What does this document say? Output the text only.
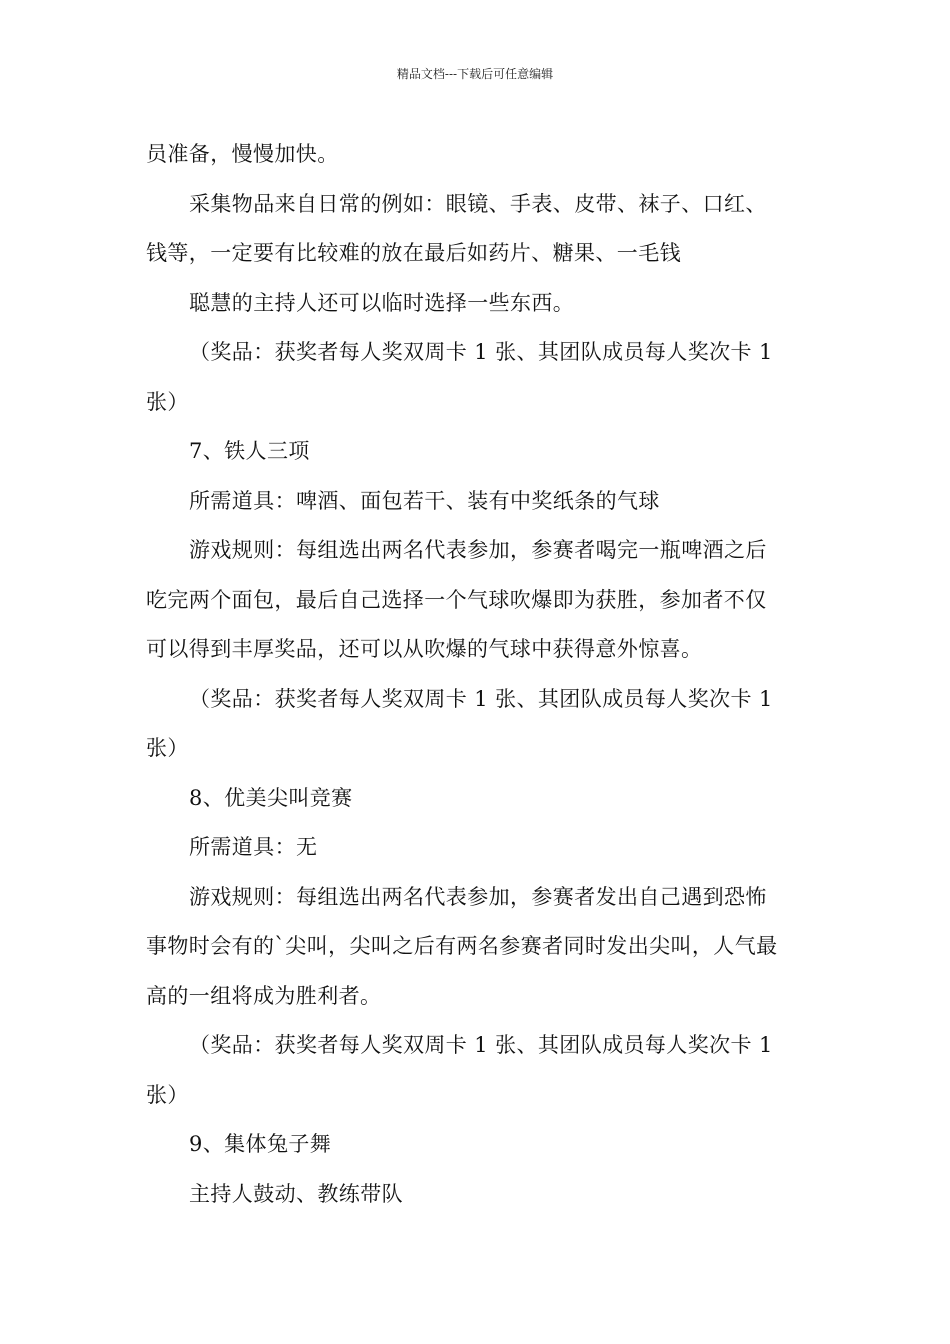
精品文档---下载后可任意编辑

员准备，慢慢加快。

采集物品来自日常的例如：眼镜、手表、皮带、袜子、口红、

钱等，一定要有比较难的放在最后如药片、糖果、一毛钱

聪慧的主持人还可以临时选择一些东西。

（奖品：获奖者每人奖双周卡 1 张、其团队成员每人奖次卡 1

张）

7、铁人三项

所需道具：啤酒、面包若干、装有中奖纸条的气球

游戏规则：每组选出两名代表参加，参赛者喝完一瓶啤酒之后

吃完两个面包，最后自己选择一个气球吹爆即为获胜，参加者不仅

可以得到丰厚奖品，还可以从吹爆的气球中获得意外惊喜。

（奖品：获奖者每人奖双周卡 1 张、其团队成员每人奖次卡 1

张）

8、优美尖叫竞赛

所需道具：无

游戏规则：每组选出两名代表参加，参赛者发出自己遇到恐怖

事物时会有的`尖叫，尖叫之后有两名参赛者同时发出尖叫，人气最

高的一组将成为胜利者。

（奖品：获奖者每人奖双周卡 1 张、其团队成员每人奖次卡 1

张）

9、集体兔子舞

主持人鼓动、教练带队
